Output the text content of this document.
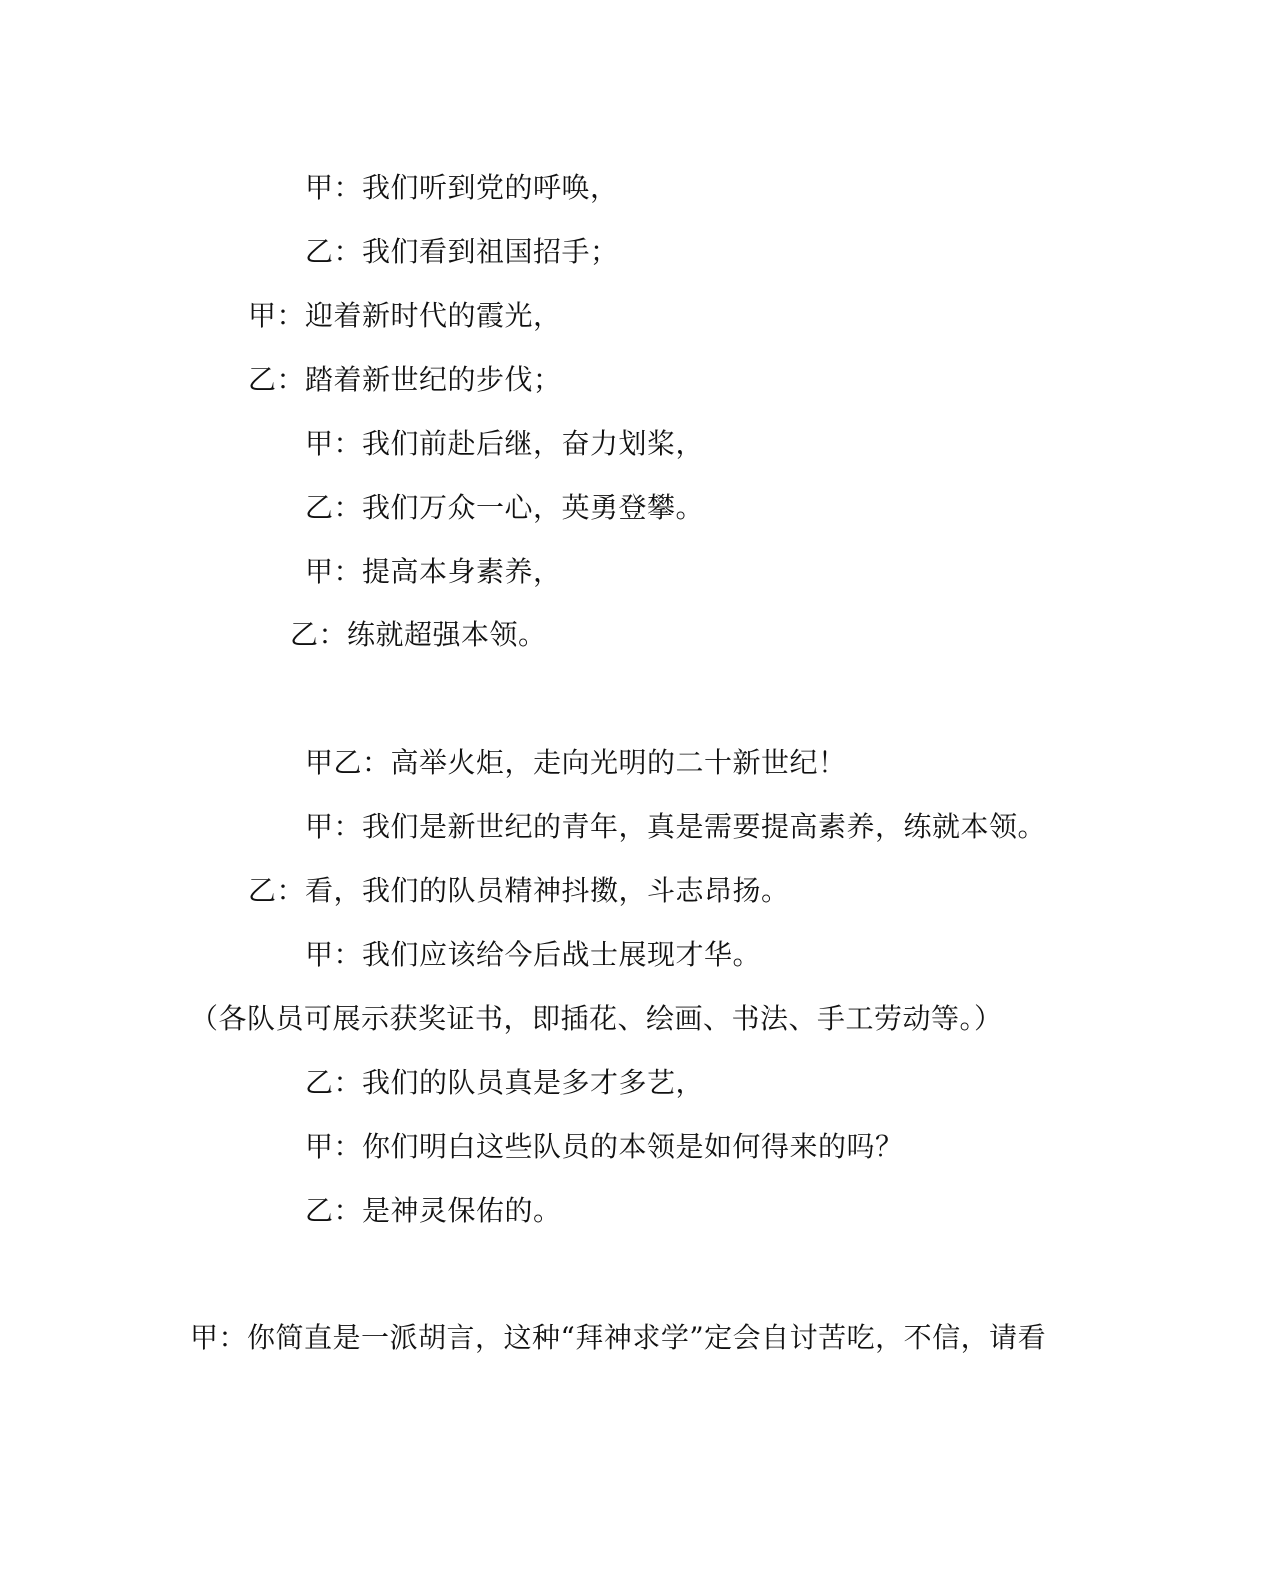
甲：我们听到党的呼唤，
乙：我们看到祖国招手；
甲：迎着新时代的霞光，
乙：踏着新世纪的步伐；
甲：我们前赴后继，奋力划桨，
乙：我们万众一心，英勇登攀。
甲：提高本身素养，
乙：练就超强本领。
甲乙：高举火炬，走向光明的二十新世纪！
甲：我们是新世纪的青年，真是需要提高素养，练就本领。
乙：看，我们的队员精神抖擞，斗志昂扬。
甲：我们应该给今后战士展现才华。
（各队员可展示获奖证书，即插花、绘画、书法、手工劳动等。）
乙：我们的队员真是多才多艺，
甲：你们明白这些队员的本领是如何得来的吗？
乙：是神灵保佑的。
甲：你简直是一派胡言，这种“拜神求学”定会自讨苦吃，不信，请看
